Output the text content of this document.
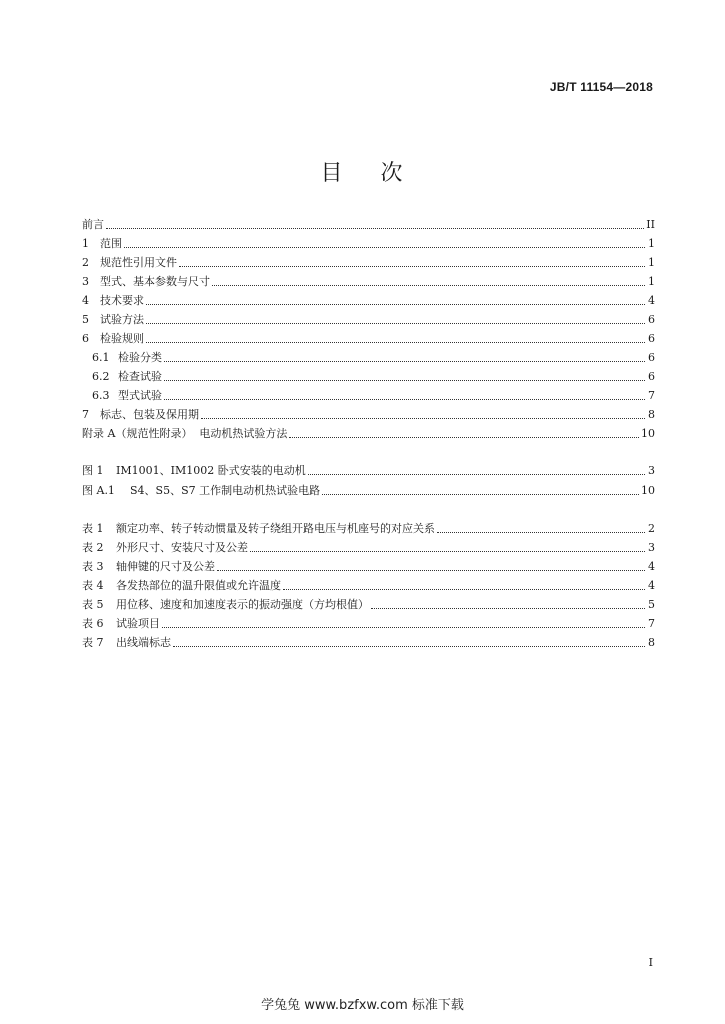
JB/T 11154—2018
目 次
前言	II
1	范围	1
2	规范性引用文件	1
3	型式、基本参数与尺寸	1
4	技术要求	4
5	试验方法	6
6	检验规则	6
6.1 检验分类	6
6.2 检查试验	6
6.3 型式试验	7
7	标志、包装及保用期	8
附录 A（规范性附录）  电动机热试验方法	10
图 1	IM1001、IM1002 卧式安装的电动机	3
图 A.1	S4、S5、S7 工作制电动机热试验电路	10
表 1	额定功率、转子转动惯量及转子绕组开路电压与机座号的对应关系	2
表 2	外形尺寸、安装尺寸及公差	3
表 3	轴伸键的尺寸及公差	4
表 4	各发热部位的温升限值或允许温度	4
表 5	用位移、速度和加速度表示的振动强度（方均根值）	5
表 6	试验项目	7
表 7	出线端标志	8
I
学兔兔 www.bzfxw.com 标准下载
